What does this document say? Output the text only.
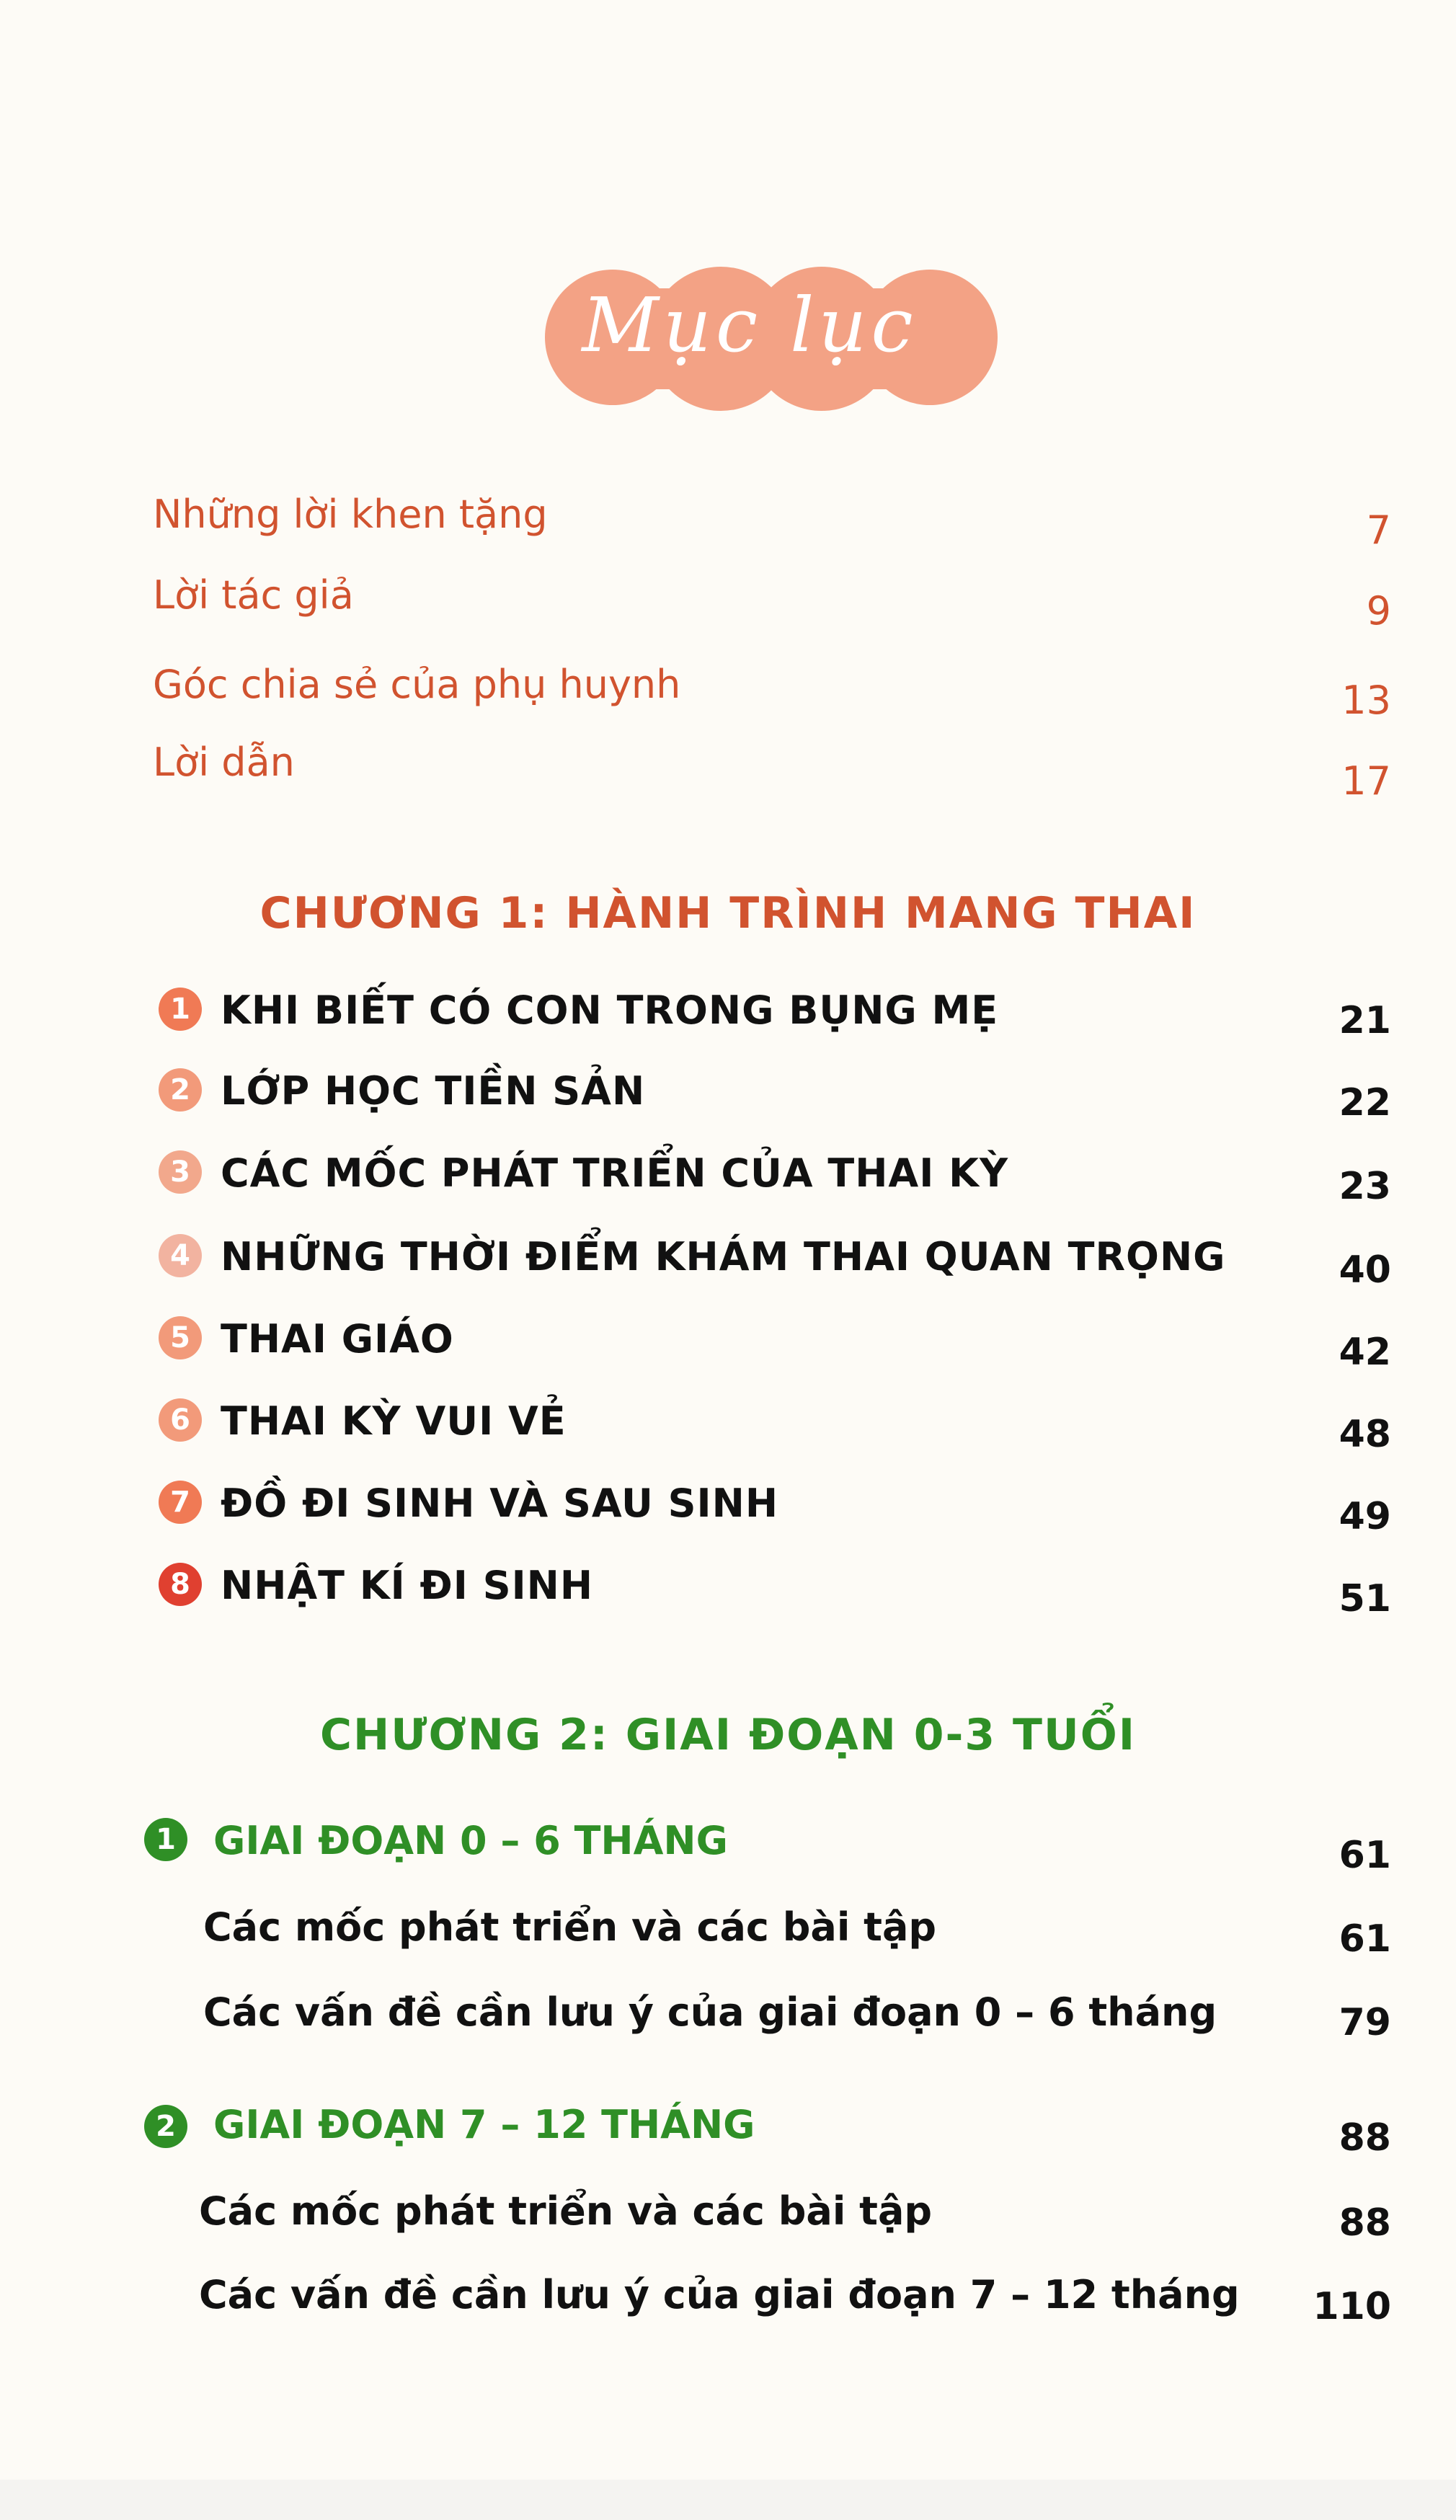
Mục lục
Những lời khen tặng	7
Lời tác giả	9
Góc chia sẻ của phụ huynh	13
Lời dẫn	17
CHƯƠNG 1: HÀNH TRÌNH MANG THAI
1 KHI BIẾT CÓ CON TRONG BỤNG MẸ	21
2 LỚP HỌC TIỀN SẢN	22
3 CÁC MỐC PHÁT TRIỂN CỦA THAI KỲ	23
4 NHỮNG THỜI ĐIỂM KHÁM THAI QUAN TRỌNG	40
5 THAI GIÁO	42
6 THAI KỲ VUI VẺ	48
7 ĐỒ ĐI SINH VÀ SAU SINH	49
8 NHẬT KÍ ĐI SINH	51
CHƯƠNG 2: GIAI ĐOẠN 0-3 TUỔI
1 GIAI ĐOẠN 0 – 6 THÁNG	61
Các mốc phát triển và các bài tập	61
Các vấn đề cần lưu ý của giai đoạn 0 – 6 tháng	79
2 GIAI ĐOẠN 7 – 12 THÁNG	88
Các mốc phát triển và các bài tập	88
Các vấn đề cần lưu ý của giai đoạn 7 – 12 tháng 110
